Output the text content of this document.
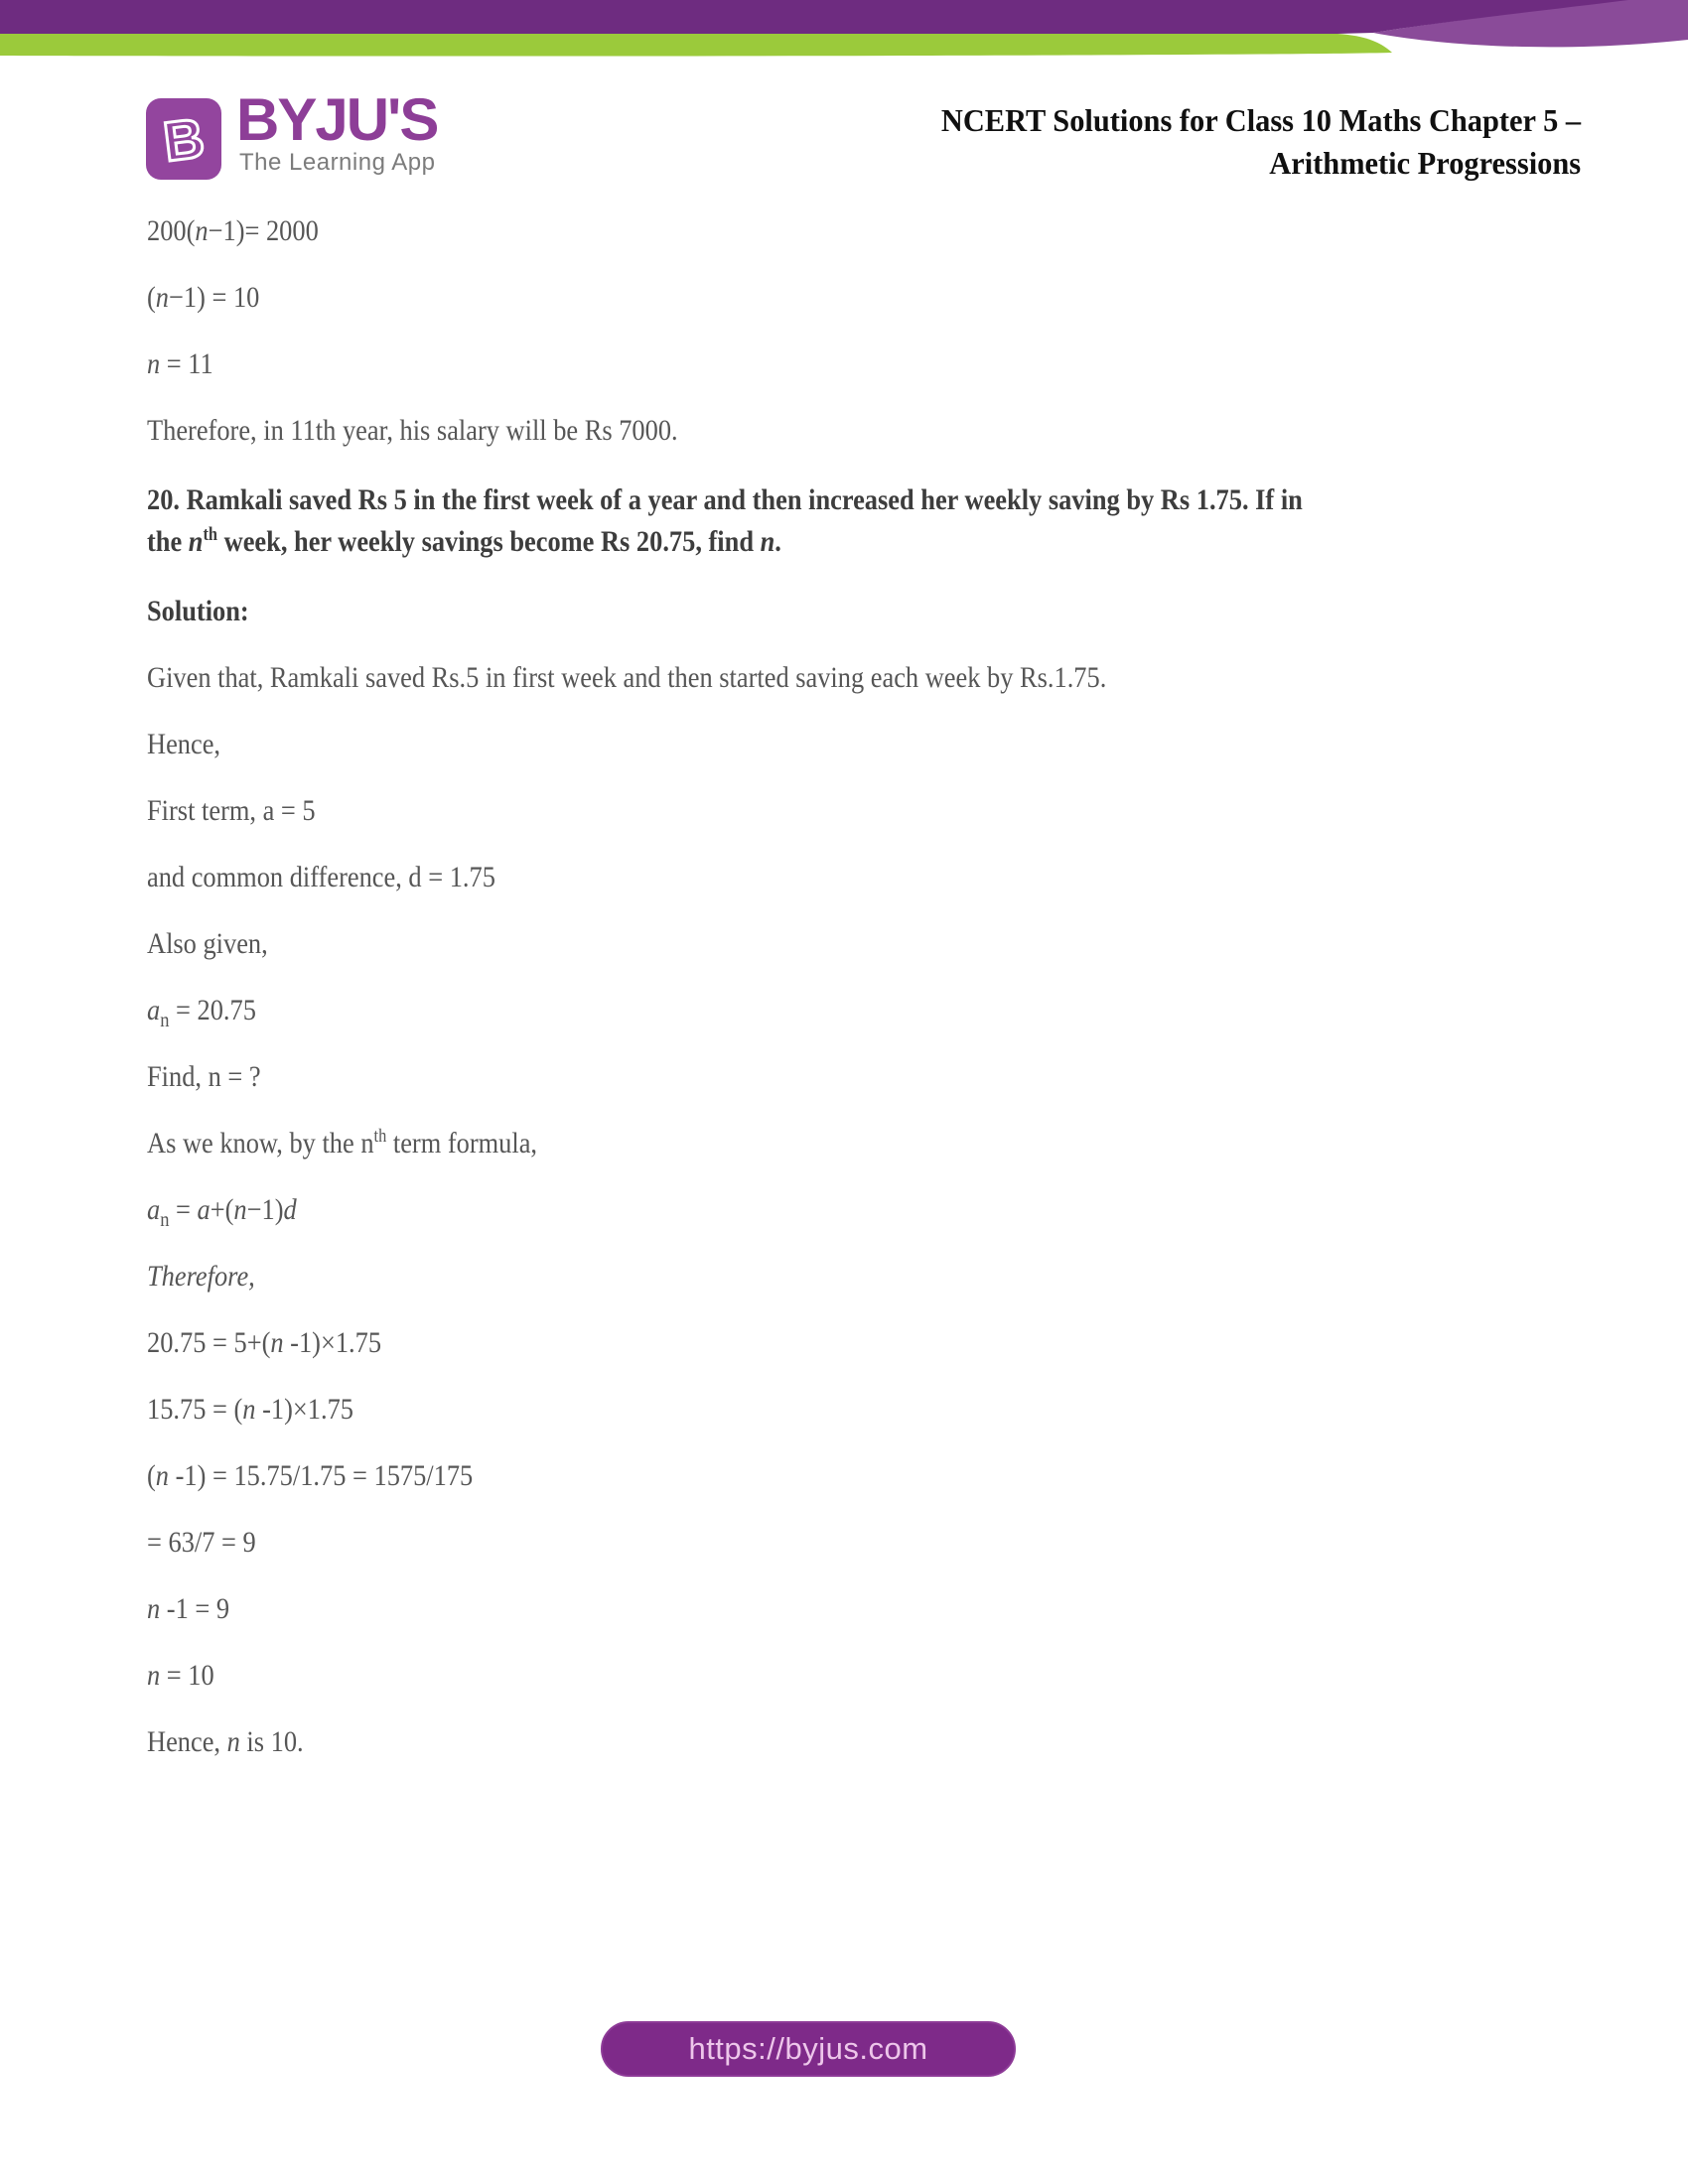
B BYJU'S
The Learning App
NCERT Solutions for Class 10 Maths Chapter 5 –
Arithmetic Progressions

200(n−1)= 2000

(n−1) = 10

n = 11

Therefore, in 11th year, his salary will be Rs 7000.

20. Ramkali saved Rs 5 in the first week of a year and then increased her weekly saving by Rs 1.75. If in
the $n^{th}$ week, her weekly savings become Rs 20.75, find n.

Solution:

Given that, Ramkali saved Rs.5 in first week and then started saving each week by Rs.1.75.

Hence,

First term, a = 5

and common difference, d = 1.75

Also given,

$a_n = 20.75$

Find, n = ?

As we know, by the $n^{th}$ term formula,

$a_n = a+(n-1)d$

Therefore,

20.75 = 5+(n -1)×1.75

15.75 = (n -1)×1.75

(n -1) = 15.75/1.75 = 1575/175

= 63/7 = 9

n -1 = 9

n = 10

Hence, n is 10.

https://byjus.com
